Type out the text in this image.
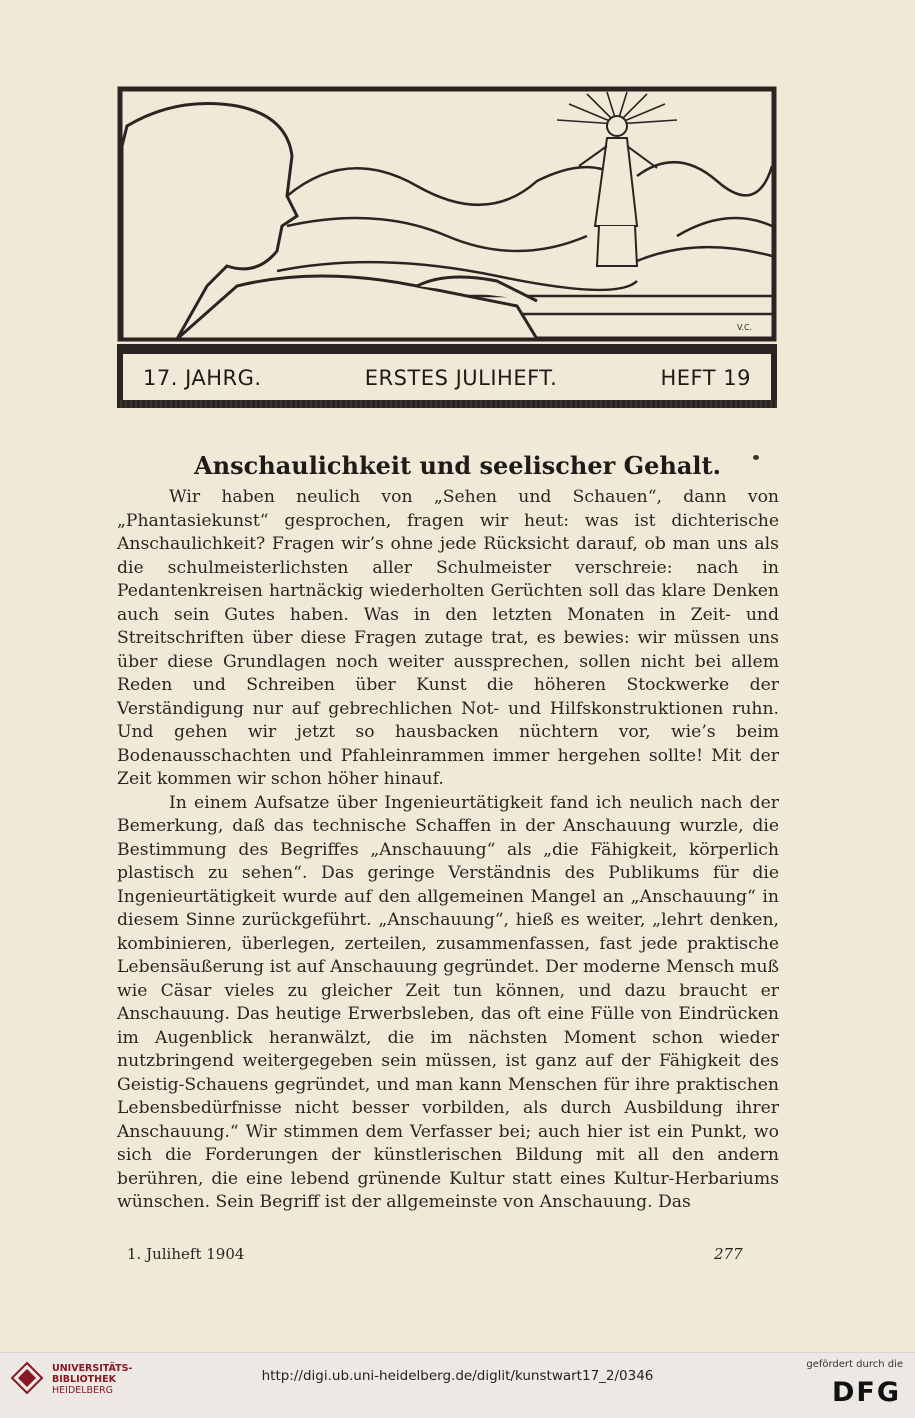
V.C.
17. JAHRG.	ERSTES JULIHEFT.	HEFT 19
Anschaulichkeit und seelischer Gehalt.

Wir haben neulich von „Sehen und Schauen“, dann von „Phantasiekunst“ gesprochen, fragen wir heut: was ist dichterische Anschaulichkeit? Fragen wir’s ohne jede Rücksicht darauf, ob man uns als die schulmeisterlichsten aller Schulmeister verschreie: nach in Pedantenkreisen hartnäckig wiederholten Gerüchten soll das klare Denken auch sein Gutes haben. Was in den letzten Monaten in Zeit- und Streitschriften über diese Fragen zutage trat, es bewies: wir müssen uns über diese Grundlagen noch weiter aussprechen, sollen nicht bei allem Reden und Schreiben über Kunst die höheren Stockwerke der Verständigung nur auf gebrechlichen Not- und Hilfskonstruktionen ruhn. Und gehen wir jetzt so hausbacken nüchtern vor, wie’s beim Bodenausschachten und Pfahleinrammen immer hergehen sollte! Mit der Zeit kommen wir schon höher hinauf.

In einem Aufsatze über Ingenieurtätigkeit fand ich neulich nach der Bemerkung, daß das technische Schaffen in der Anschauung wurzle, die Bestimmung des Begriffes „Anschauung“ als „die Fähigkeit, körperlich plastisch zu sehen“. Das geringe Verständnis des Publikums für die Ingenieurtätigkeit wurde auf den allgemeinen Mangel an „Anschauung“ in diesem Sinne zurückgeführt. „Anschauung“, hieß es weiter, „lehrt denken, kombinieren, überlegen, zerteilen, zusammenfassen, fast jede praktische Lebensäußerung ist auf Anschauung gegründet. Der moderne Mensch muß wie Cäsar vieles zu gleicher Zeit tun können, und dazu braucht er Anschauung. Das heutige Erwerbsleben, das oft eine Fülle von Eindrücken im Augenblick heranwälzt, die im nächsten Moment schon wieder nutzbringend weitergegeben sein müssen, ist ganz auf der Fähigkeit des Geistig-Schauens gegründet, und man kann Menschen für ihre praktischen Lebensbedürfnisse nicht besser vorbilden, als durch Ausbildung ihrer Anschauung.“ Wir stimmen dem Verfasser bei; auch hier ist ein Punkt, wo sich die Forderungen der künstlerischen Bildung mit all den andern berühren, die eine lebend grünende Kultur statt eines Kultur-Herbariums wünschen. Sein Begriff ist der allgemeinste von Anschauung. Das

1. Juliheft 1904	277
UNIVERSITÄTS-
BIBLIOTHEK
HEIDELBERG
http://digi.ub.uni-heidelberg.de/diglit/kunstwart17_2/0346
gefördert durch die
DFG
